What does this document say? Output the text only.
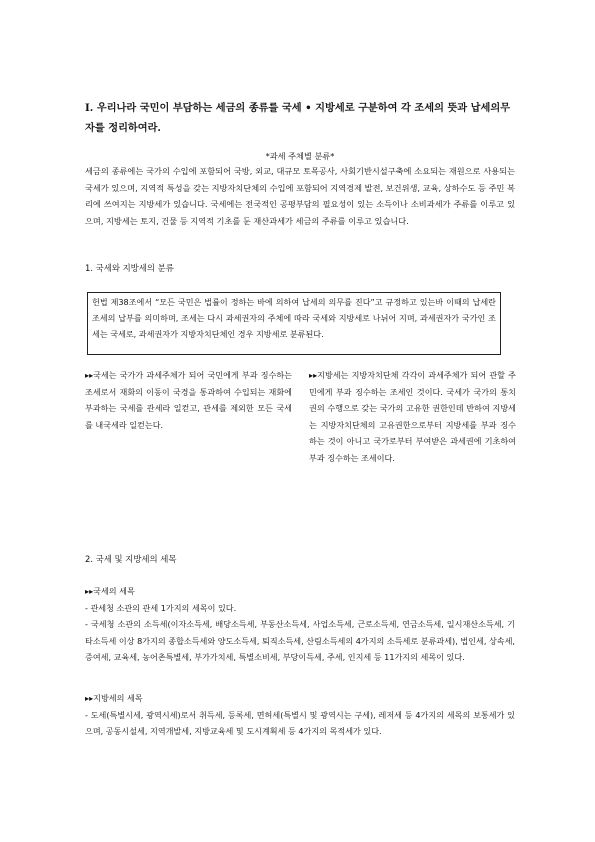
Ⅰ. 우리나라 국민이 부담하는 세금의 종류를 국세 • 지방세로 구분하여 각 조세의 뜻과 납세의무자를 정리하여라.

*과세 주체별 분류*

세금의 종류에는 국가의 수입에 포함되어 국방, 외교, 대규모 토목공사, 사회기반시설구축에 소요되는 재원으로 사용되는 국세가 있으며, 지역적 특성을 갖는 지방자치단체의 수입에 포함되어 지역경제 발전, 보건위생, 교육, 상하수도 등 주민 복리에 쓰여지는 지방세가 있습니다. 국세에는 전국적인 공평부담의 필요성이 있는 소득이나 소비과세가 주류를 이루고 있으며, 지방세는 토지, 건물 등 지역적 기초를 둔 재산과세가 세금의 주류를 이루고 있습니다.

1. 국세와 지방세의 분류
헌법 제38조에서 “모든 국민은 법률이 정하는 바에 의하여 납세의 의무를 진다”고 규정하고 있는바 이때의 납세란 조세의 납부를 의미하며, 조세는 다시 과세권자의 주체에 따라 국세와 지방세로 나뉘어 지며, 과세권자가 국가인 조세는 국세로, 과세권자가 지방자치단체인 경우 지방세로 분류된다.

▸▸국세는 국가가 과세주체가 되어 국민에게 부과 징수하는 조세로서 재화의 이동이 국경을 통과하여 수입되는 재화에 부과하는 국세를 관세라 일컫고, 관세를 제외한 모든 국세를 내국세라 일컫는다.

▸▸지방세는 지방자치단체 각각이 과세주체가 되어 관할 주민에게 부과 징수하는 조세인 것이다. 국세가 국가의 통치권의 수행으로 갖는 국가의 고유한 권한인데 반하여 지방세는 지방자치단체의 고유권한으로부터 지방세를 부과 징수하는 것이 아니고 국가로부터 부여받은 과세권에 기초하여 부과 징수하는 조세이다.

2. 국세 및 지방세의 세목
▸▸국세의 세목
- 관세청 소관의 관세 1가지의 세목이 있다.
- 국세청 소관의 소득세(이자소득세, 배당소득세, 부동산소득세, 사업소득세, 근로소득세, 연금소득세, 일시재산소득세, 기타소득세 이상 8가지의 종합소득세와 양도소득세, 퇴직소득세, 산림소득세의 4가지의 소득세로 분류과세), 법인세, 상속세, 증여세, 교육세, 농어촌특별세, 부가가치세, 특별소비세, 부당이득세, 주세, 인지세 등 11가지의 세목이 있다.
▸▸지방세의 세목
- 도세(특별시세, 광역시세)로서 취득세, 등록세, 면허세(특별시 및 광역시는 구세), 레저세 등 4가지의 세목의 보통세가 있으며, 공동시설세, 지역개발세, 지방교육세 및 도시계획세 등 4가지의 목적세가 있다.
